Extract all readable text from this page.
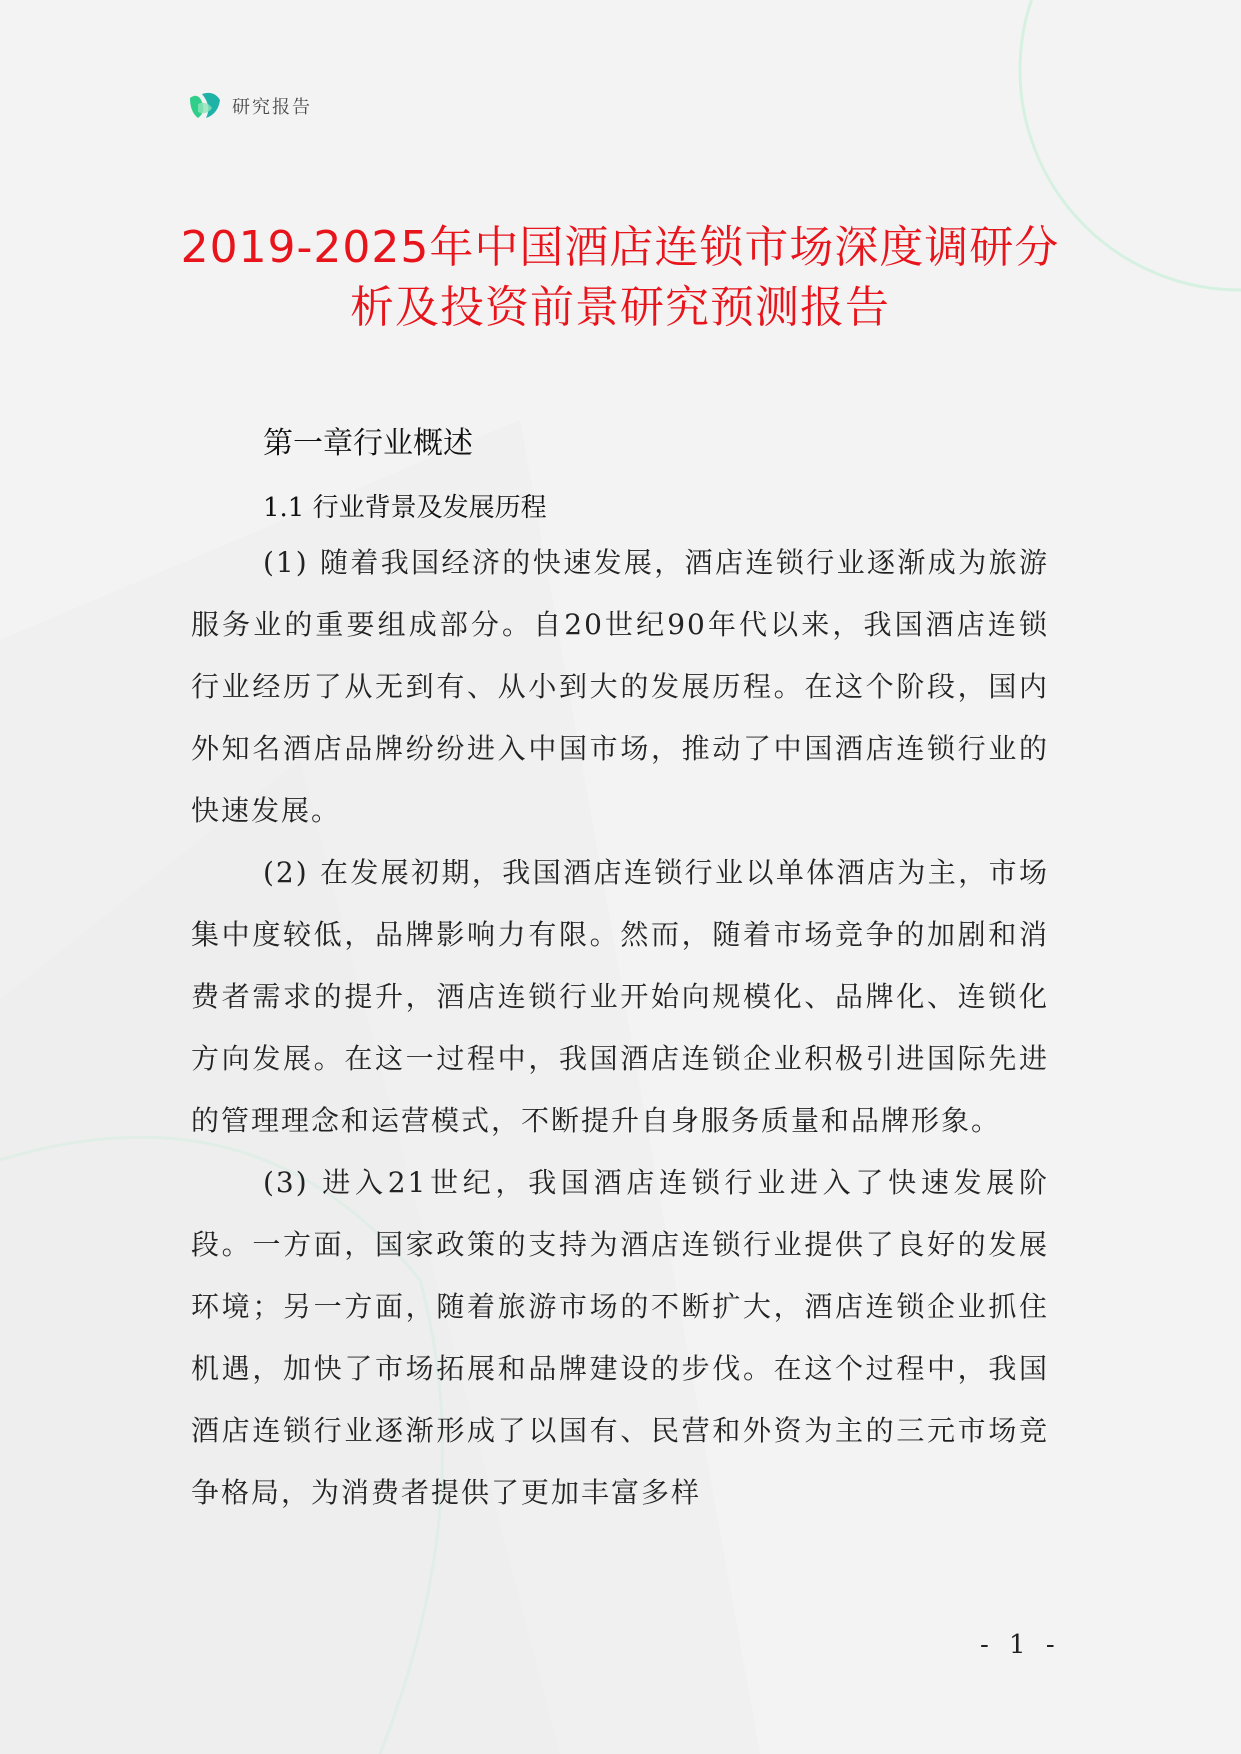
研究报告
2019-2025年中国酒店连锁市场深度调研分
析及投资前景研究预测报告
第一章行业概述
1.1 行业背景及发展历程

(1) 随着我国经济的快速发展，酒店连锁行业逐渐成为旅游服务业的重要组成部分。自20世纪90年代以来，我国酒店连锁行业经历了从无到有、从小到大的发展历程。在这个阶段，国内外知名酒店品牌纷纷进入中国市场，推动了中国酒店连锁行业的快速发展。

(2) 在发展初期，我国酒店连锁行业以单体酒店为主，市场集中度较低，品牌影响力有限。然而，随着市场竞争的加剧和消费者需求的提升，酒店连锁行业开始向规模化、品牌化、连锁化方向发展。在这一过程中，我国酒店连锁企业积极引进国际先进的管理理念和运营模式，不断提升自身服务质量和品牌形象。

(3) 进入21世纪，我国酒店连锁行业进入了快速发展阶段。一方面，国家政策的支持为酒店连锁行业提供了良好的发展环境；另一方面，随着旅游市场的不断扩大，酒店连锁企业抓住机遇，加快了市场拓展和品牌建设的步伐。在这个过程中，我国酒店连锁行业逐渐形成了以国有、民营和外资为主的三元市场竞争格局，为消费者提供了更加丰富多样

- 1 -
